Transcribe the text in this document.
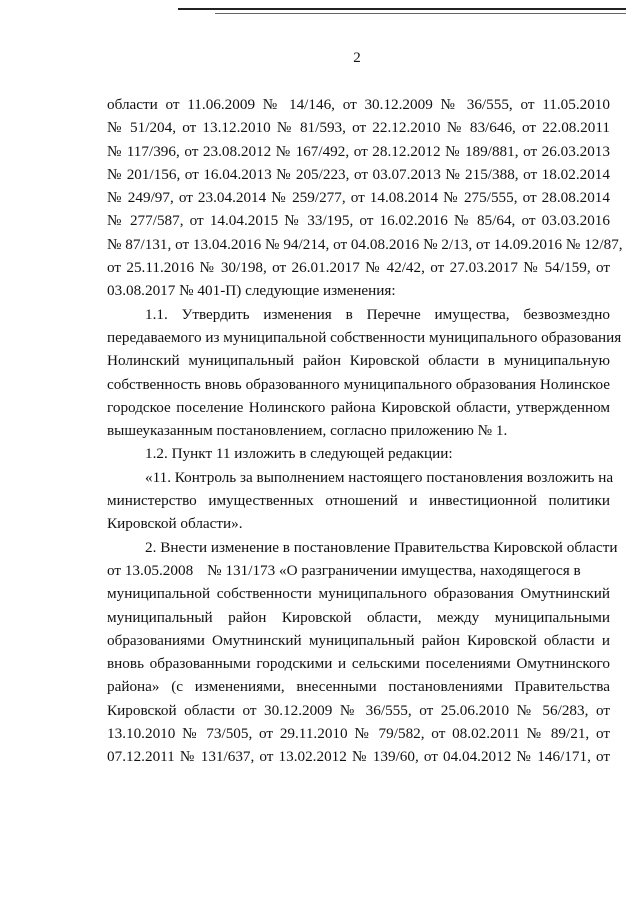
2
области от 11.06.2009 № 14/146, от 30.12.2009 № 36/555, от 11.05.2010
№ 51/204, от 13.12.2010 № 81/593, от 22.12.2010 № 83/646, от 22.08.2011
№ 117/396, от 23.08.2012 № 167/492, от 28.12.2012 № 189/881, от 26.03.2013
№ 201/156, от 16.04.2013 № 205/223, от 03.07.2013 № 215/388, от 18.02.2014
№ 249/97, от 23.04.2014 № 259/277, от 14.08.2014 № 275/555, от 28.08.2014
№ 277/587, от 14.04.2015 № 33/195, от 16.02.2016 № 85/64, от 03.03.2016
№ 87/131, от 13.04.2016 № 94/214, от 04.08.2016 № 2/13, от 14.09.2016 № 12/87,
от 25.11.2016 № 30/198, от 26.01.2017 № 42/42, от 27.03.2017 № 54/159, от
03.08.2017 № 401-П) следующие изменения:
1.1. Утвердить изменения в Перечне имущества, безвозмездно
передаваемого из муниципальной собственности муниципального образования
Нолинский муниципальный район Кировской области в муниципальную
собственность вновь образованного муниципального образования Нолинское
городское поселение Нолинского района Кировской области, утвержденном
вышеуказанным постановлением, согласно приложению № 1.
1.2. Пункт 11 изложить в следующей редакции:
«11. Контроль за выполнением настоящего постановления возложить на
министерство имущественных отношений и инвестиционной политики
Кировской области».
2. Внести изменение в постановление Правительства Кировской области
от 13.05.2008 № 131/173 «О разграничении имущества, находящегося в
муниципальной собственности муниципального образования Омутнинский
муниципальный район Кировской области, между муниципальными
образованиями Омутнинский муниципальный район Кировской области и
вновь образованными городскими и сельскими поселениями Омутнинского
района» (с изменениями, внесенными постановлениями Правительства
Кировской области от 30.12.2009 № 36/555, от 25.06.2010 № 56/283, от
13.10.2010 № 73/505, от 29.11.2010 № 79/582, от 08.02.2011 № 89/21, от
07.12.2011 № 131/637, от 13.02.2012 № 139/60, от 04.04.2012 № 146/171, от
